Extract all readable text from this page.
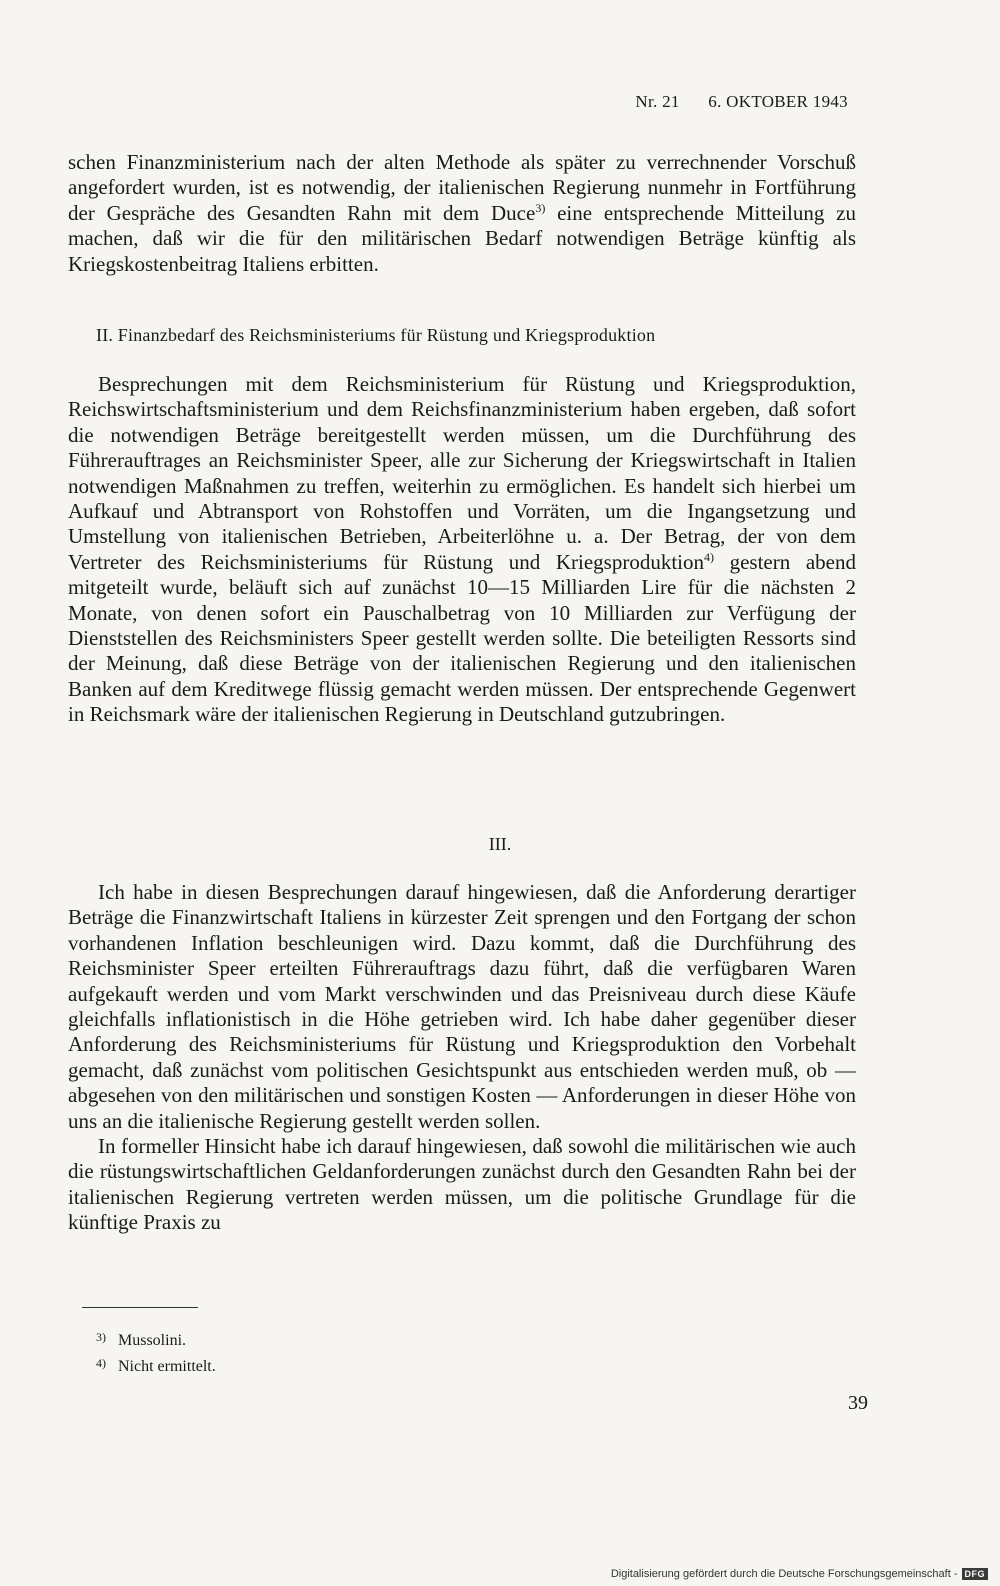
Nr. 21 6. OKTOBER 1943

schen Finanzministerium nach der alten Methode als später zu verrechnender Vorschuß angefordert wurden, ist es notwendig, der italienischen Regierung nunmehr in Fortführung der Gespräche des Gesandten Rahn mit dem Duce$^{3)}$ eine entsprechende Mitteilung zu machen, daß wir die für den militärischen Bedarf notwendigen Beträge künftig als Kriegskostenbeitrag Italiens erbitten.

II. Finanzbedarf des Reichsministeriums für Rüstung und Kriegsproduktion

Besprechungen mit dem Reichsministerium für Rüstung und Kriegsproduktion, Reichswirtschaftsministerium und dem Reichsfinanzministerium haben ergeben, daß sofort die notwendigen Beträge bereitgestellt werden müssen, um die Durchführung des Führerauftrages an Reichsminister Speer, alle zur Sicherung der Kriegswirtschaft in Italien notwendigen Maßnahmen zu treffen, weiterhin zu ermöglichen. Es handelt sich hierbei um Aufkauf und Abtransport von Rohstoffen und Vorräten, um die Ingangsetzung und Umstellung von italienischen Betrieben, Arbeiterlöhne u. a. Der Betrag, der von dem Vertreter des Reichsministeriums für Rüstung und Kriegsproduktion$^{4)}$ gestern abend mitgeteilt wurde, beläuft sich auf zunächst 10—15 Milliarden Lire für die nächsten 2 Monate, von denen sofort ein Pauschalbetrag von 10 Milliarden zur Verfügung der Dienststellen des Reichsministers Speer gestellt werden sollte. Die beteiligten Ressorts sind der Meinung, daß diese Beträge von der italienischen Regierung und den italienischen Banken auf dem Kreditwege flüssig gemacht werden müssen. Der entsprechende Gegenwert in Reichsmark wäre der italienischen Regierung in Deutschland gutzubringen.

III.

Ich habe in diesen Besprechungen darauf hingewiesen, daß die Anforderung derartiger Beträge die Finanzwirtschaft Italiens in kürzester Zeit sprengen und den Fortgang der schon vorhandenen Inflation beschleunigen wird. Dazu kommt, daß die Durchführung des Reichsminister Speer erteilten Führerauftrags dazu führt, daß die verfügbaren Waren aufgekauft werden und vom Markt verschwinden und das Preisniveau durch diese Käufe gleichfalls inflationistisch in die Höhe getrieben wird. Ich habe daher gegenüber dieser Anforderung des Reichsministeriums für Rüstung und Kriegsproduktion den Vorbehalt gemacht, daß zunächst vom politischen Gesichtspunkt aus entschieden werden muß, ob — abgesehen von den militärischen und sonstigen Kosten — Anforderungen in dieser Höhe von uns an die italienische Regierung gestellt werden sollen.

In formeller Hinsicht habe ich darauf hingewiesen, daß sowohl die militärischen wie auch die rüstungswirtschaftlichen Geldanforderungen zunächst durch den Gesandten Rahn bei der italienischen Regierung vertreten werden müssen, um die politische Grundlage für die künftige Praxis zu

3) Mussolini.
4) Nicht ermittelt.
39
Digitalisierung gefördert durch die Deutsche Forschungsgemeinschaft - DFG
